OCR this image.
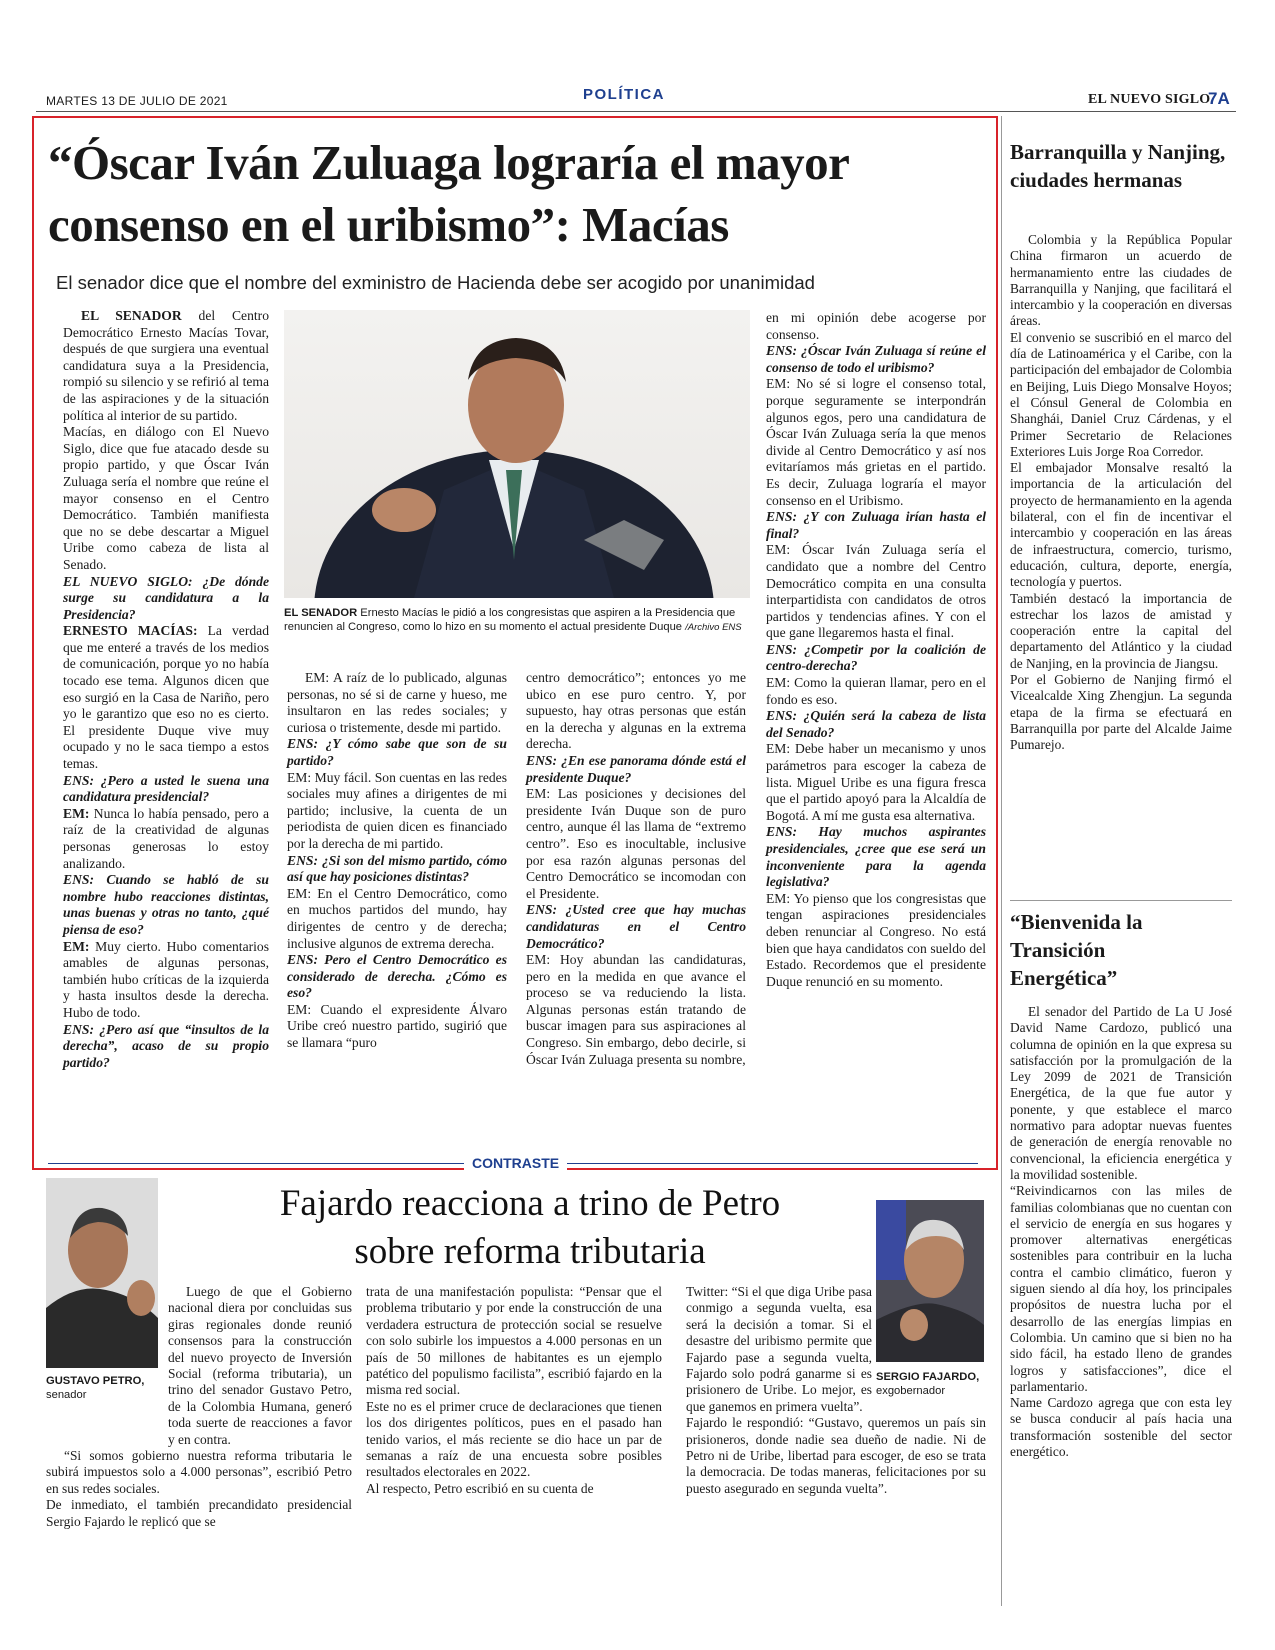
MARTES 13 DE JULIO DE 2021	POLÍTICA	EL NUEVO SIGLO
7A
“Óscar Iván Zuluaga lograría el mayor
consenso en el uribismo”: Macías
El senador dice que el nombre del exministro de Hacienda debe ser acogido por unanimidad

EL SENADOR del Centro Democrático Ernesto Macías Tovar, después de que surgiera una eventual candidatura suya a la Presidencia, rompió su silencio y se refirió al tema de las aspiraciones y de la situación política al interior de su partido.

Macías, en diálogo con El Nuevo Siglo, dice que fue atacado desde su propio partido, y que Óscar Iván Zuluaga sería el nombre que reúne el mayor consenso en el Centro Democrático. También manifiesta que no se debe descartar a Miguel Uribe como cabeza de lista al Senado.

EL NUEVO SIGLO: ¿De dónde surge su candidatura a la Presidencia?

ERNESTO MACÍAS: La verdad que me enteré a través de los medios de comunicación, porque yo no había tocado ese tema. Algunos dicen que eso surgió en la Casa de Nariño, pero yo le garantizo que eso no es cierto. El presidente Duque vive muy ocupado y no le saca tiempo a estos temas.

ENS: ¿Pero a usted le suena una candidatura presidencial?

EM: Nunca lo había pensado, pero a raíz de la creatividad de algunas personas generosas lo estoy analizando.

ENS: Cuando se habló de su nombre hubo reacciones distintas, unas buenas y otras no tanto, ¿qué piensa de eso?

EM: Muy cierto. Hubo comentarios amables de algunas personas, también hubo críticas de la izquierda y hasta insultos desde la derecha. Hubo de todo.

ENS: ¿Pero así que “insultos de la derecha”, acaso de su propio partido?

EL SENADOR Ernesto Macías le pidió a los congresistas que aspiren a la Presidencia que renuncien al Congreso, como lo hizo en su momento el actual presidente Duque /Archivo ENS

EM: A raíz de lo publicado, algunas personas, no sé si de carne y hueso, me insultaron en las redes sociales; y curiosa o tristemente, desde mi partido.

ENS: ¿Y cómo sabe que son de su partido?

EM: Muy fácil. Son cuentas en las redes sociales muy afines a dirigentes de mi partido; inclusive, la cuenta de un periodista de quien dicen es financiado por la derecha de mi partido.

ENS: ¿Si son del mismo partido, cómo así que hay posiciones distintas?

EM: En el Centro Democrático, como en muchos partidos del mundo, hay dirigentes de centro y de derecha; inclusive algunos de extrema derecha.

ENS: Pero el Centro Democrático es considerado de derecha. ¿Cómo es eso?

EM: Cuando el expresidente Álvaro Uribe creó nuestro partido, sugirió que se llamara “puro

centro democrático”; entonces yo me ubico en ese puro centro. Y, por supuesto, hay otras personas que están en la derecha y algunas en la extrema derecha.

ENS: ¿En ese panorama dónde está el presidente Duque?

EM: Las posiciones y decisiones del presidente Iván Duque son de puro centro, aunque él las llama de “extremo centro”. Eso es inocultable, inclusive por esa razón algunas personas del Centro Democrático se incomodan con el Presidente.

ENS: ¿Usted cree que hay muchas candidaturas en el Centro Democrático?

EM: Hoy abundan las candidaturas, pero en la medida en que avance el proceso se va reduciendo la lista. Algunas personas están tratando de buscar imagen para sus aspiraciones al Congreso. Sin embargo, debo decirle, si Óscar Iván Zuluaga presenta su nombre,

en mi opinión debe acogerse por consenso.

ENS: ¿Óscar Iván Zuluaga sí reúne el consenso de todo el uribismo?

EM: No sé si logre el consenso total, porque seguramente se interpondrán algunos egos, pero una candidatura de Óscar Iván Zuluaga sería la que menos divide al Centro Democrático y así nos evitaríamos más grietas en el partido. Es decir, Zuluaga lograría el mayor consenso en el Uribismo.

ENS: ¿Y con Zuluaga irían hasta el final?

EM: Óscar Iván Zuluaga sería el candidato que a nombre del Centro Democrático compita en una consulta interpartidista con candidatos de otros partidos y tendencias afines. Y con el que gane llegaremos hasta el final.

ENS: ¿Competir por la coalición de centro-derecha?

EM: Como la quieran llamar, pero en el fondo es eso.

ENS: ¿Quién será la cabeza de lista del Senado?

EM: Debe haber un mecanismo y unos parámetros para escoger la cabeza de lista. Miguel Uribe es una figura fresca que el partido apoyó para la Alcaldía de Bogotá. A mí me gusta esa alternativa.

ENS: Hay muchos aspirantes presidenciales, ¿cree que ese será un inconveniente para la agenda legislativa?

EM: Yo pienso que los congresistas que tengan aspiraciones presidenciales deben renunciar al Congreso. No está bien que haya candidatos con sueldo del Estado. Recordemos que el presidente Duque renunció en su momento.

CONTRASTE
GUSTAVO PETRO,
senador
Fajardo reacciona a trino de Petro
sobre reforma tributaria
SERGIO FAJARDO,
exgobernador
Luego de que el Gobierno nacional diera por concluidas sus giras regionales donde reunió consensos para la construcción del nuevo proyecto de Inversión Social (reforma tributaria), un trino del senador Gustavo Petro, de la Colombia Humana, generó toda suerte de reacciones a favor y en contra.

“Si somos gobierno nuestra reforma tributaria le subirá impuestos solo a 4.000 personas”, escribió Petro en sus redes sociales.

De inmediato, el también precandidato presidencial Sergio Fajardo le replicó que se

trata de una manifestación populista: “Pensar que el problema tributario y por ende la construcción de una verdadera estructura de protección social se resuelve con solo subirle los impuestos a 4.000 personas en un país de 50 millones de habitantes es un ejemplo patético del populismo facilista”, escribió fajardo en la misma red social.

Este no es el primer cruce de declaraciones que tienen los dos dirigentes políticos, pues en el pasado han tenido varios, el más reciente se dio hace un par de semanas a raíz de una encuesta sobre posibles resultados electorales en 2022.

Al respecto, Petro escribió en su cuenta de

Twitter: “Si el que diga Uribe pasa conmigo a segunda vuelta, esa será la decisión a tomar. Si el desastre del uribismo permite que Fajardo pase a segunda vuelta, Fajardo solo podrá ganarme si es prisionero de Uribe. Lo mejor, es que ganemos en primera vuelta”.

Fajardo le respondió: “Gustavo, queremos un país sin prisioneros, donde nadie sea dueño de nadie. Ni de Petro ni de Uribe, libertad para escoger, de eso se trata la democracia. De todas maneras, felicitaciones por su puesto asegurado en segunda vuelta”.

Barranquilla y Nanjing, ciudades hermanas

Colombia y la República Popular China firmaron un acuerdo de hermanamiento entre las ciudades de Barranquilla y Nanjing, que facilitará el intercambio y la cooperación en diversas áreas.

El convenio se suscribió en el marco del día de Latinoamérica y el Caribe, con la participación del embajador de Colombia en Beijing, Luis Diego Monsalve Hoyos; el Cónsul General de Colombia en Shanghái, Daniel Cruz Cárdenas, y el Primer Secretario de Relaciones Exteriores Luis Jorge Roa Corredor.

El embajador Monsalve resaltó la importancia de la articulación del proyecto de hermanamiento en la agenda bilateral, con el fin de incentivar el intercambio y cooperación en las áreas de infraestructura, comercio, turismo, educación, cultura, deporte, energía, tecnología y puertos.

También destacó la importancia de estrechar los lazos de amistad y cooperación entre la capital del departamento del Atlántico y la ciudad de Nanjing, en la provincia de Jiangsu.

Por el Gobierno de Nanjing firmó el Vicealcalde Xing Zhengjun. La segunda etapa de la firma se efectuará en Barranquilla por parte del Alcalde Jaime Pumarejo.

“Bienvenida la Transición Energética”

El senador del Partido de La U José David Name Cardozo, publicó una columna de opinión en la que expresa su satisfacción por la promulgación de la Ley 2099 de 2021 de Transición Energética, de la que fue autor y ponente, y que establece el marco normativo para adoptar nuevas fuentes de generación de energía renovable no convencional, la eficiencia energética y la movilidad sostenible.

“Reivindicarnos con las miles de familias colombianas que no cuentan con el servicio de energía en sus hogares y promover alternativas energéticas sostenibles para contribuir en la lucha contra el cambio climático, fueron y siguen siendo al día hoy, los principales propósitos de nuestra lucha por el desarrollo de las energías limpias en Colombia. Un camino que si bien no ha sido fácil, ha estado lleno de grandes logros y satisfacciones”, dice el parlamentario.

Name Cardozo agrega que con esta ley se busca conducir al país hacia una transformación sostenible del sector energético.
